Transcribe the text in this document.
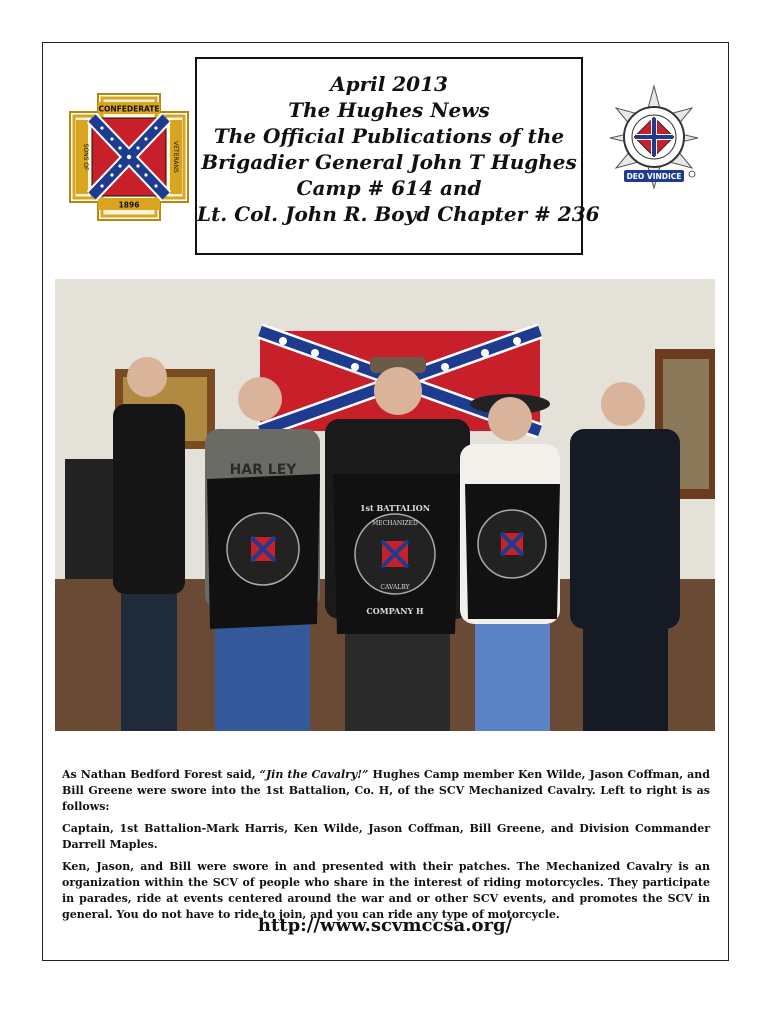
CONFEDERATE
1896
SONS OF	VETERANS
April 2013
The Hughes News
The Official Publications of the
Brigadier General John T Hughes
Camp # 614 and
Lt. Col. John R. Boyd Chapter # 236
DEO VINDICE
1st BATTALION
MECHANIZED
CAVALRY
COMPANY H
HAR LEY

As Nathan Bedford Forest said, “Jin the Cavalry!” Hughes Camp member Ken Wilde, Jason Coffman, and Bill Greene were swore into the 1st Battalion, Co. H, of the SCV Mechanized Cavalry. Left to right is as follows:

Captain, 1st Battalion-Mark Harris, Ken Wilde, Jason Coffman, Bill Greene, and Division Commander Darrell Maples.

Ken, Jason, and Bill were swore in and presented with their patches. The Mechanized Cavalry is an organization within the SCV of people who share in the interest of riding motorcycles. They participate in parades, ride at events centered around the war and or other SCV events, and promotes the SCV in general. You do not have to ride to join, and you can ride any type of motorcycle.

http://www.scvmccsa.org/
